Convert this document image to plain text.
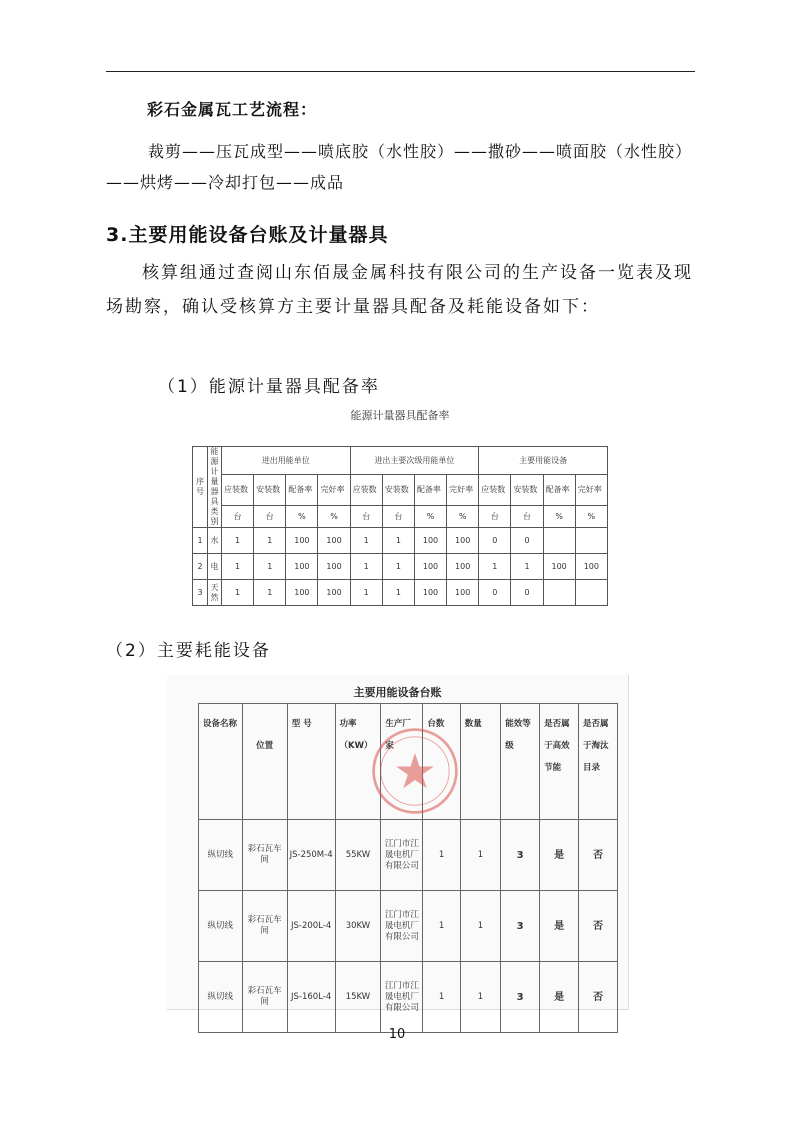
彩石金属瓦工艺流程：
裁剪——压瓦成型——喷底胶（水性胶）——撒砂——喷面胶（水性胶）——烘烤——冷却打包——成品
3.主要用能设备台账及计量器具
核算组通过查阅山东佰晟金属科技有限公司的生产设备一览表及现场勘察，确认受核算方主要计量器具配备及耗能设备如下：
（1）能源计量器具配备率
能源计量器具配备率
序号	能源计量器具类别	进出用能单位				进出主要次级用能单位				主要用能设备			
		应装数	安装数	配备率	完好率	应装数	安装数	配备率	完好率	应装数	安装数	配备率	完好率
		台	台	%	%	台	台	%	%	台	台	%	%
1	水	1	1	100	100	1	1	100	100	0	0		
2	电	1	1	100	100	1	1	100	100	1	1	100	100
3	天然	1	1	100	100	1	1	100	100	0	0		
（2）主要耗能设备
主要用能设备台账
设备名称	位置	型 号	功率（KW）	生产厂家	台数	数量	能效等级	是否属于高效节能	是否属于淘汰目录
纵切线	彩石瓦车间	JS-250M-4	55KW	江门市江晟电机厂有限公司	1	1	3	是	否
纵切线	彩石瓦车间	JS-200L-4	30KW	江门市江晟电机厂有限公司	1	1	3	是	否
纵切线	彩石瓦车间	JS-160L-4	15KW	江门市江晟电机厂有限公司	1	1	3	是	否
10
